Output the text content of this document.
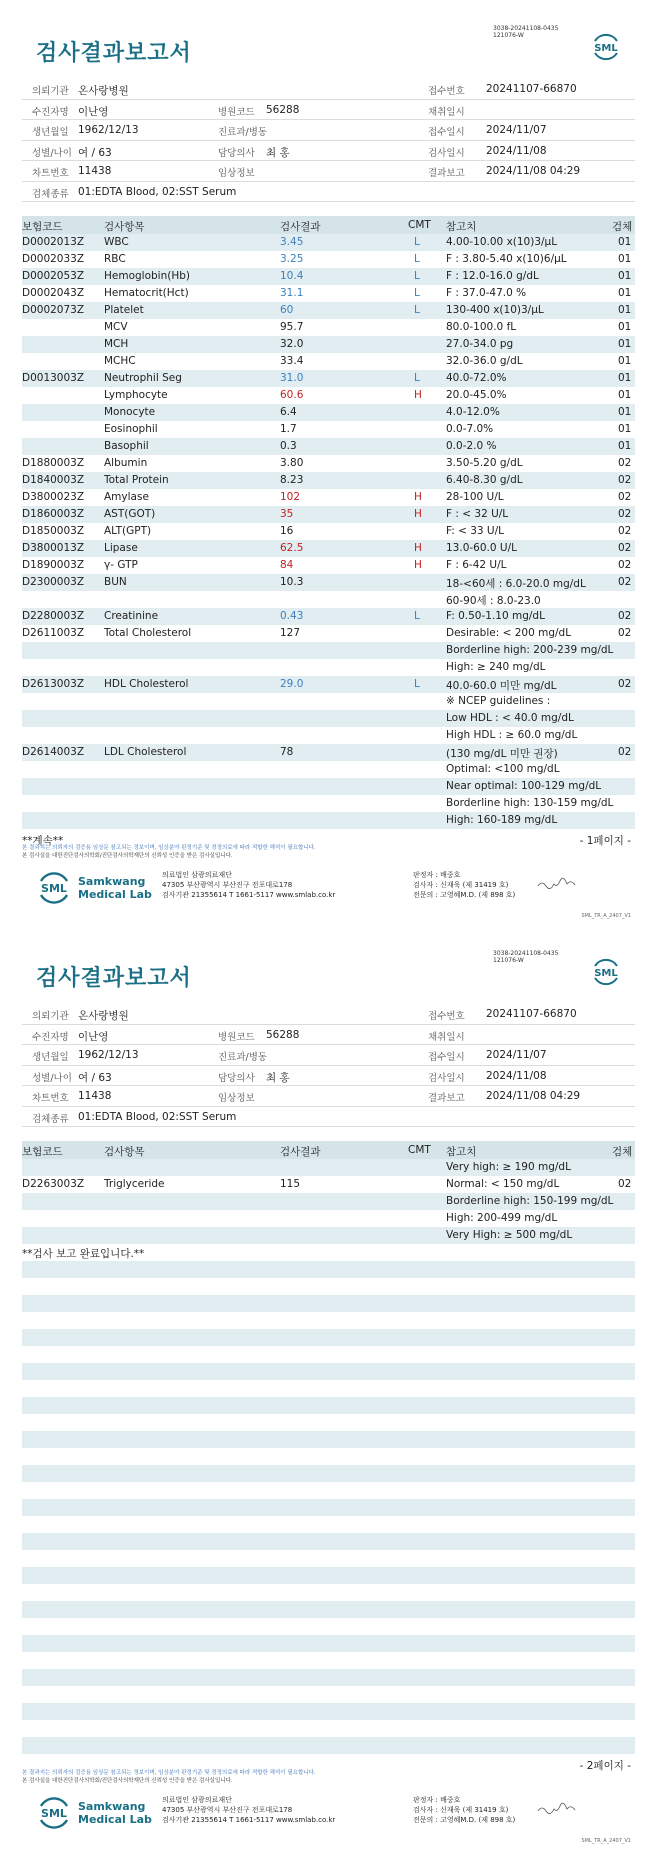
검사결과보고서
3038-20241108-0435
121076-W
SML
의뢰기관 온사랑병원	접수번호 20241107-66870
수진자명 이난영	병원코드 56288	채취일시
생년월일 1962/12/13	진료과/병동	접수일시 2024/11/07
성별/나이 여 / 63	담당의사 최 홍	검사일시 2024/11/08
차트번호 11438	임상정보	결과보고 2024/11/08 04:29
검체종류 01:EDTA Blood, 02:SST Serum
보험코드	검사항목	검사결과	CMT 참고치	검체
D0002013Z WBC	3.45	L 4.00-10.00 x(10)3/µL	01
D0002033Z RBC	3.25	L F : 3.80-5.40 x(10)6/µL	01
D0002053Z Hemoglobin(Hb)	10.4	L F : 12.0-16.0 g/dL	01
D0002043Z Hematocrit(Hct)	31.1	L F : 37.0-47.0 %	01
D0002073Z Platelet	60	L 130-400 x(10)3/µL	01
MCV	95.7	80.0-100.0 fL	01
MCH	32.0	27.0-34.0 pg	01
MCHC	33.4	32.0-36.0 g/dL	01
D0013003Z Neutrophil Seg	31.0	L 40.0-72.0%	01
Lymphocyte	60.6	H 20.0-45.0%	01
Monocyte	6.4	4.0-12.0%	01
Eosinophil	1.7	0.0-7.0%	01
Basophil	0.3	0.0-2.0 %	01
D1880003Z Albumin	3.80	3.50-5.20 g/dL	02
D1840003Z Total Protein	8.23	6.40-8.30 g/dL	02
D3800023Z Amylase	102	H 28-100 U/L	02
D1860003Z AST(GOT)	35	H F : < 32 U/L	02
D1850003Z ALT(GPT)	16	F: < 33 U/L	02
D3800013Z Lipase	62.5	H 13.0-60.0 U/L	02
D1890003Z γ- GTP	84	H F : 6-42 U/L	02
D2300003Z BUN	10.3	18-<60세 : 6.0-20.0 mg/dL	02
60-90세 : 8.0-23.0
D2280003Z Creatinine	0.43	L F: 0.50-1.10 mg/dL	02
D2611003Z Total Cholesterol	127	Desirable: < 200 mg/dL	02
Borderline high: 200-239 mg/dL
High: ≥ 240 mg/dL
D2613003Z HDL Cholesterol	29.0	L 40.0-60.0 미만 mg/dL	02
※ NCEP guidelines :
Low HDL : < 40.0 mg/dL
High HDL : ≥ 60.0 mg/dL
D2614003Z LDL Cholesterol	78	(130 mg/dL 미만 권장)	02
Optimal: <100 mg/dL
Near optimal: 100-129 mg/dL
Borderline high: 130-159 mg/dL
High: 160-189 mg/dL
**계속**	- 1페이지 -
본 결과지는 의뢰자의 검증용 임상문 참고되는 정보이며, 임상분야 판정기준 및 정정의료에 따라 적합한 해석이 필요합니다.
본 검사실을 대한진단검사의학회/진단검사의학재단의 신뢰성 인증을 받은 검사실입니다.
SML
Samkwang
Medical Lab
의료법인 삼광의료재단
47305 부산광역시 부산진구 전포대로178
검사기관 21355614 T 1661-5117 www.smlab.co.kr
판정자 : 배중호
검사자 : 신재욱 (제 31419 호)
전문의 : 고영혜M.D. (제 898 호)
SML_TR_A_2407_V1
검사결과보고서
3038-20241108-0435
121076-W
SML
의뢰기관 온사랑병원	접수번호 20241107-66870
수진자명 이난영	병원코드 56288	채취일시
생년월일 1962/12/13	진료과/병동	접수일시 2024/11/07
성별/나이 여 / 63	담당의사 최 홍	검사일시 2024/11/08
차트번호 11438	임상정보	결과보고 2024/11/08 04:29
검체종류 01:EDTA Blood, 02:SST Serum
보험코드	검사항목	검사결과	CMT 참고치	검체
Very high: ≥ 190 mg/dL
D2263003Z Triglyceride	115	Normal: < 150 mg/dL	02
Borderline high: 150-199 mg/dL
High: 200-499 mg/dL
Very High: ≥ 500 mg/dL
**검사 보고 완료입니다.**
- 2페이지 -
본 결과지는 의뢰자의 검증용 임상문 참고되는 정보이며, 임상분야 판정기준 및 정정의료에 따라 적합한 해석이 필요합니다.
본 검사실을 대한진단검사의학회/진단검사의학재단의 신뢰성 인증을 받은 검사실입니다.
SML
Samkwang
Medical Lab
의료법인 삼광의료재단
47305 부산광역시 부산진구 전포대로178
검사기관 21355614 T 1661-5117 www.smlab.co.kr
판정자 : 배중호
검사자 : 신재욱 (제 31419 호)
전문의 : 고영혜M.D. (제 898 호)
SML_TR_A_2407_V1
